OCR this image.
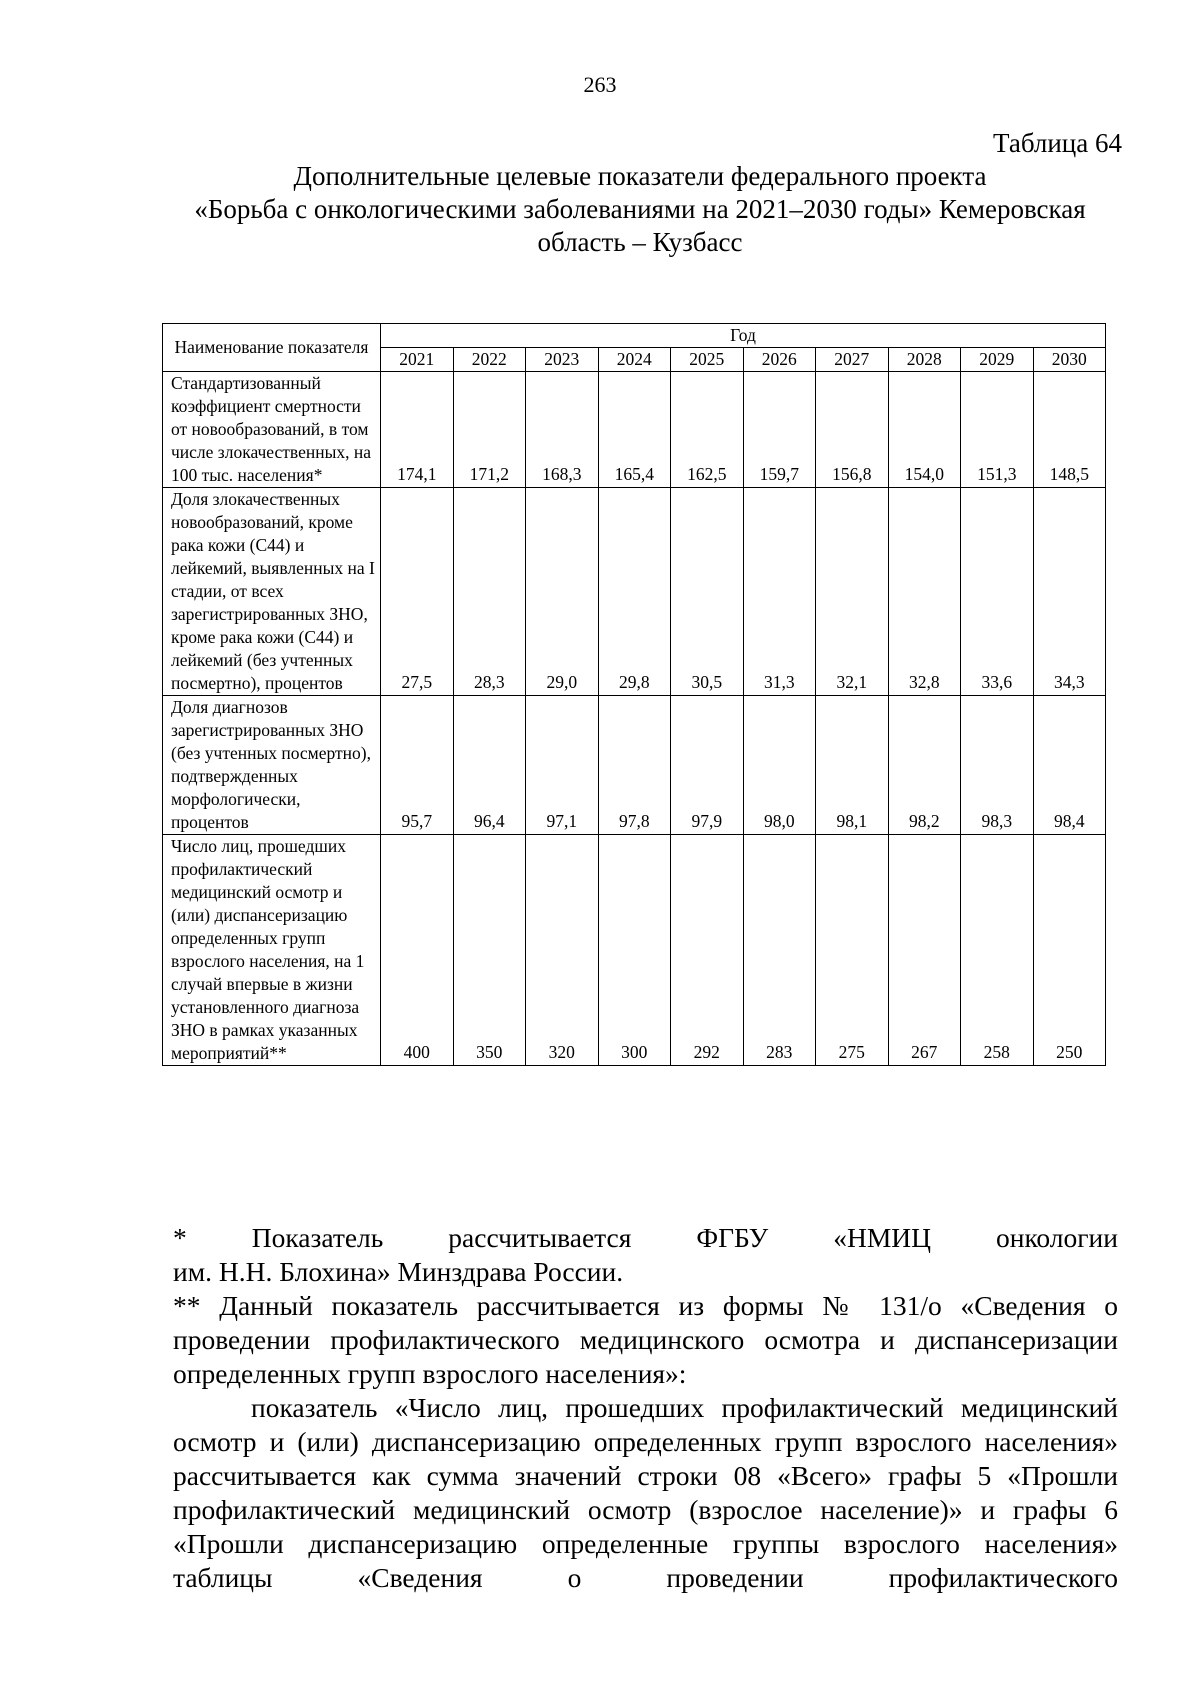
263
Таблица 64
Дополнительные целевые показатели федерального проекта
«Борьба с онкологическими заболеваниями на 2021–2030 годы» Кемеровская
область – Кузбасс
Наименование показателя	Год									
	2021	2022	2023	2024	2025	2026	2027	2028	2029	2030
Стандартизованный коэффициент смертности от новообразований, в том числе злокачественных, на 100 тыс. населения*	174,1	171,2	168,3	165,4	162,5	159,7	156,8	154,0	151,3	148,5
Доля злокачественных новообразований, кроме рака кожи (С44) и лейкемий, выявленных на I стадии, от всех зарегистрированных ЗНО, кроме рака кожи (С44) и лейкемий (без учтенных посмертно), процентов	27,5	28,3	29,0	29,8	30,5	31,3	32,1	32,8	33,6	34,3
Доля диагнозов зарегистрированных ЗНО (без учтенных посмертно), подтвержденных морфологически, процентов	95,7	96,4	97,1	97,8	97,9	98,0	98,1	98,2	98,3	98,4
Число лиц, прошедших профилактический медицинский осмотр и (или) диспансеризацию определенных групп взрослого населения, на 1 случай впервые в жизни установленного диагноза ЗНО в рамках указанных мероприятий**	400	350	320	300	292	283	275	267	258	250
* Показатель рассчитывается ФГБУ «НМИЦ онкологии
им. Н.Н. Блохина» Минздрава России.
** Данный показатель рассчитывается из формы № 131/о «Сведения о проведении профилактического медицинского осмотра и диспансеризации определенных групп взрослого населения»:
показатель «Число лиц, прошедших профилактический медицинский осмотр и (или) диспансеризацию определенных групп взрослого населения» рассчитывается как сумма значений строки 08 «Всего» графы 5 «Прошли профилактический медицинский осмотр (взрослое население)» и графы 6 «Прошли диспансеризацию определенные группы взрослого населения» таблицы «Сведения о проведении профилактического
